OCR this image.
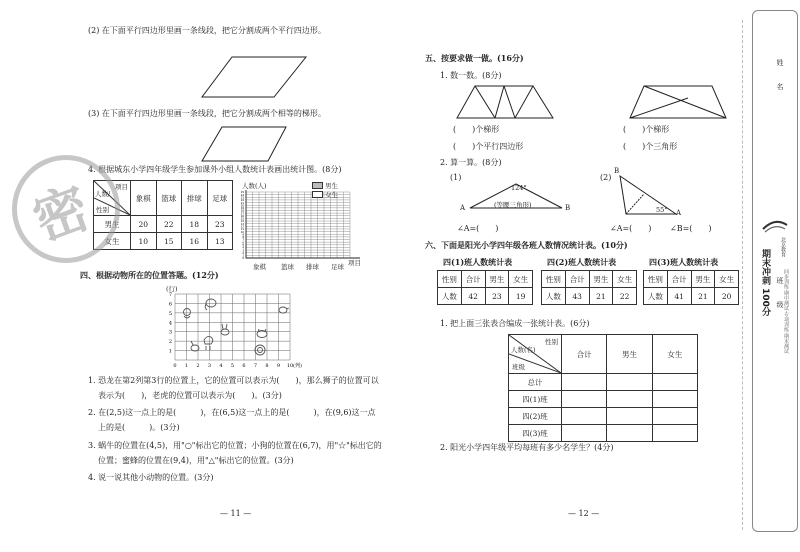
(2) 在下面平行四边形里画一条线段，把它分割成两个平行四边形。
(3) 在下面平行四边形里画一条线段，把它分割成两个相等的梯形。
4. 根据城东小学四年级学生参加课外小组人数统计表画出统计图。(8分)
项目
人数/
性别	象棋	篮球	排球	足球
男生	20	22	18	23
女生	10	15	16	13
人数(人)
25
24
23
22
21
20
19
18
17
16
15
14
13
12
11
10
9
8
7
6
5
4
3
2
1
0
男生
女生
象棋 篮球 排球 足球 项目
四、根据动物所在的位置答题。(12分)
(行)
7
6
5
4
3
2
1
0 1 2 3 4 5 6 7 8 9 10 (列)
1. 恐龙在第2列第3行的位置上，它的位置可以表示为(　　)，那么狮子的位置可以
表示为(　　)，老虎的位置可以表示为(　　)。(3分)
2. 在(2,5)这一点上的是(　　　)，在(6,5)这一点上的是(　　　)，在(9,6)这一点
上的是(　　　)。(3分)
3. 蜗牛的位置在(4,5)，用"○"标出它的位置；小狗的位置在(6,7)，用"☆"标出它的
位置；蜜蜂的位置在(9,4)，用"△"标出它的位置。(3分)
4. 说一说其他小动物的位置。(3分)
— 11 —
密
五、按要求做一做。(16分)
1. 数一数。(8分)
(　　)个梯形	(　　)个梯形
(　　)个平行四边形	(　　)个三角形
2. 算一算。(8分)
(1)
124°
(等腰三角形)
A	B
∠A=(　　)
(2)
55°
B
A
∠A=(　　) ∠B=(　　)
六、下面是阳光小学四年级各班人数情况统计表。(10分)
四(1)班人数统计表
性别	合计	男生	女生
人数	42	23	19
四(2)班人数统计表
性别	合计	男生	女生
人数	43	21	22
四(3)班人数统计表
性别	合计	男生	女生
人数	41	21	20
1. 把上面三张表合编成一张统计表。(6分)
性别
人数(名)
班级	合计	男生	女生
总计			
四(1)班			
四(2)班			
四(3)班			
2. 阳光小学四年级平均每班有多少名学生？(4分)
— 12 —
姓
名
班
级
期末冲刺 100分
北京教育
同步训练·期中测试·专项训练·期末测试
